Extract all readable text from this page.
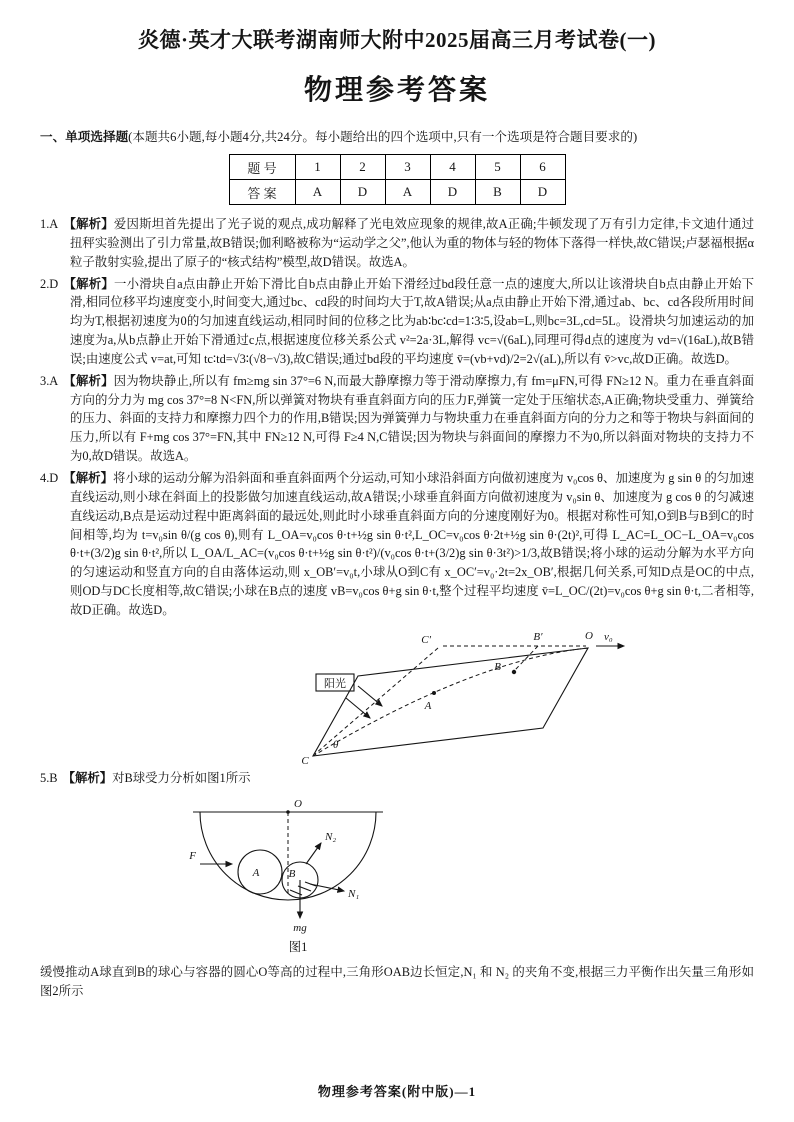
炎德·英才大联考湖南师大附中2025届高三月考试卷(一)
物理参考答案
一、单项选择题(本题共6小题,每小题4分,共24分。每小题给出的四个选项中,只有一个选项是符合题目要求的)
题 号	1	2	3	4	5	6
答 案	A	D	A	D	B	D
1.A 【解析】爱因斯坦首先提出了光子说的观点,成功解释了光电效应现象的规律,故A正确;牛顿发现了万有引力定律,卡文迪什通过扭秤实验测出了引力常量,故B错误;伽利略被称为“运动学之父”,他认为重的物体与轻的物体下落得一样快,故C错误;卢瑟福根据α粒子散射实验,提出了原子的“核式结构”模型,故D错误。故选A。
2.D 【解析】一小滑块自a点由静止开始下滑比自b点由静止开始下滑经过bd段任意一点的速度大,所以让该滑块自b点由静止开始下滑,相同位移平均速度变小,时间变大,通过bc、cd段的时间均大于T,故A错误;从a点由静止开始下滑,通过ab、bc、cd各段所用时间均为T,根据初速度为0的匀加速直线运动,相同时间的位移之比为ab∶bc∶cd=1∶3∶5,设ab=L,则bc=3L,cd=5L。设滑块匀加速运动的加速度为a,从b点静止开始下滑通过c点,根据速度位移关系公式 v²=2a·3L,解得 vc=√(6aL),同理可得d点的速度为 vd=√(16aL),故B错误;由速度公式 v=at,可知 tc∶td=√3∶(√8−√3),故C错误;通过bd段的平均速度 v̄=(vb+vd)/2=2√(aL),所以有 v̄>vc,故D正确。故选D。
3.A 【解析】因为物块静止,所以有 fm≥mg sin 37°=6 N,而最大静摩擦力等于滑动摩擦力,有 fm=μFN,可得 FN≥12 N。重力在垂直斜面方向的分力为 mg cos 37°=8 N<FN,所以弹簧对物块有垂直斜面方向的压力F,弹簧一定处于压缩状态,A正确;物块受重力、弹簧给的压力、斜面的支持力和摩擦力四个力的作用,B错误;因为弹簧弹力与物块重力在垂直斜面方向的分力之和等于物块与斜面间的压力,所以有 F+mg cos 37°=FN,其中 FN≥12 N,可得 F≥4 N,C错误;因为物块与斜面间的摩擦力不为0,所以斜面对物块的支持力不为0,故D错误。故选A。
4.D 【解析】将小球的运动分解为沿斜面和垂直斜面两个分运动,可知小球沿斜面方向做初速度为 v₀cos θ、加速度为 g sin θ 的匀加速直线运动,则小球在斜面上的投影做匀加速直线运动,故A错误;小球垂直斜面方向做初速度为 v₀sin θ、加速度为 g cos θ 的匀减速直线运动,B点是运动过程中距离斜面的最远处,则此时小球垂直斜面方向的分速度刚好为0。根据对称性可知,O到B与B到C的时间相等,均为 t=v₀sin θ/(g cos θ),则有 L_OA=v₀cos θ·t+½g sin θ·t²,L_OC=v₀cos θ·2t+½g sin θ·(2t)²,可得 L_AC=L_OC−L_OA=v₀cos θ·t+(3/2)g sin θ·t²,所以 L_OA/L_AC=(v₀cos θ·t+½g sin θ·t²)/(v₀cos θ·t+(3/2)g sin θ·3t²)>1/3,故B错误;将小球的运动分解为水平方向的匀速运动和竖直方向的自由落体运动,则 x_OB′=v₀t,小球从O到C有 x_OC′=v₀·2t=2x_OB′,根据几何关系,可知D点是OC的中点,则OD与DC长度相等,故C错误;小球在B点的速度 vB=v₀cos θ+g sin θ·t,整个过程平均速度 v̄=L_OC/(2t)=v₀cos θ+g sin θ·t,二者相等,故D正确。故选D。
阳光
C′	B′	O v₀
B
A
C
θ
5.B 【解析】对B球受力分析如图1所示
O
F
A	B
N₂
N₁
mg
图1
缓慢推动A球直到B的球心与容器的圆心O等高的过程中,三角形OAB边长恒定,N₁ 和 N₂ 的夹角不变,根据三力平衡作出矢量三角形如图2所示
物理参考答案(附中版)—1
